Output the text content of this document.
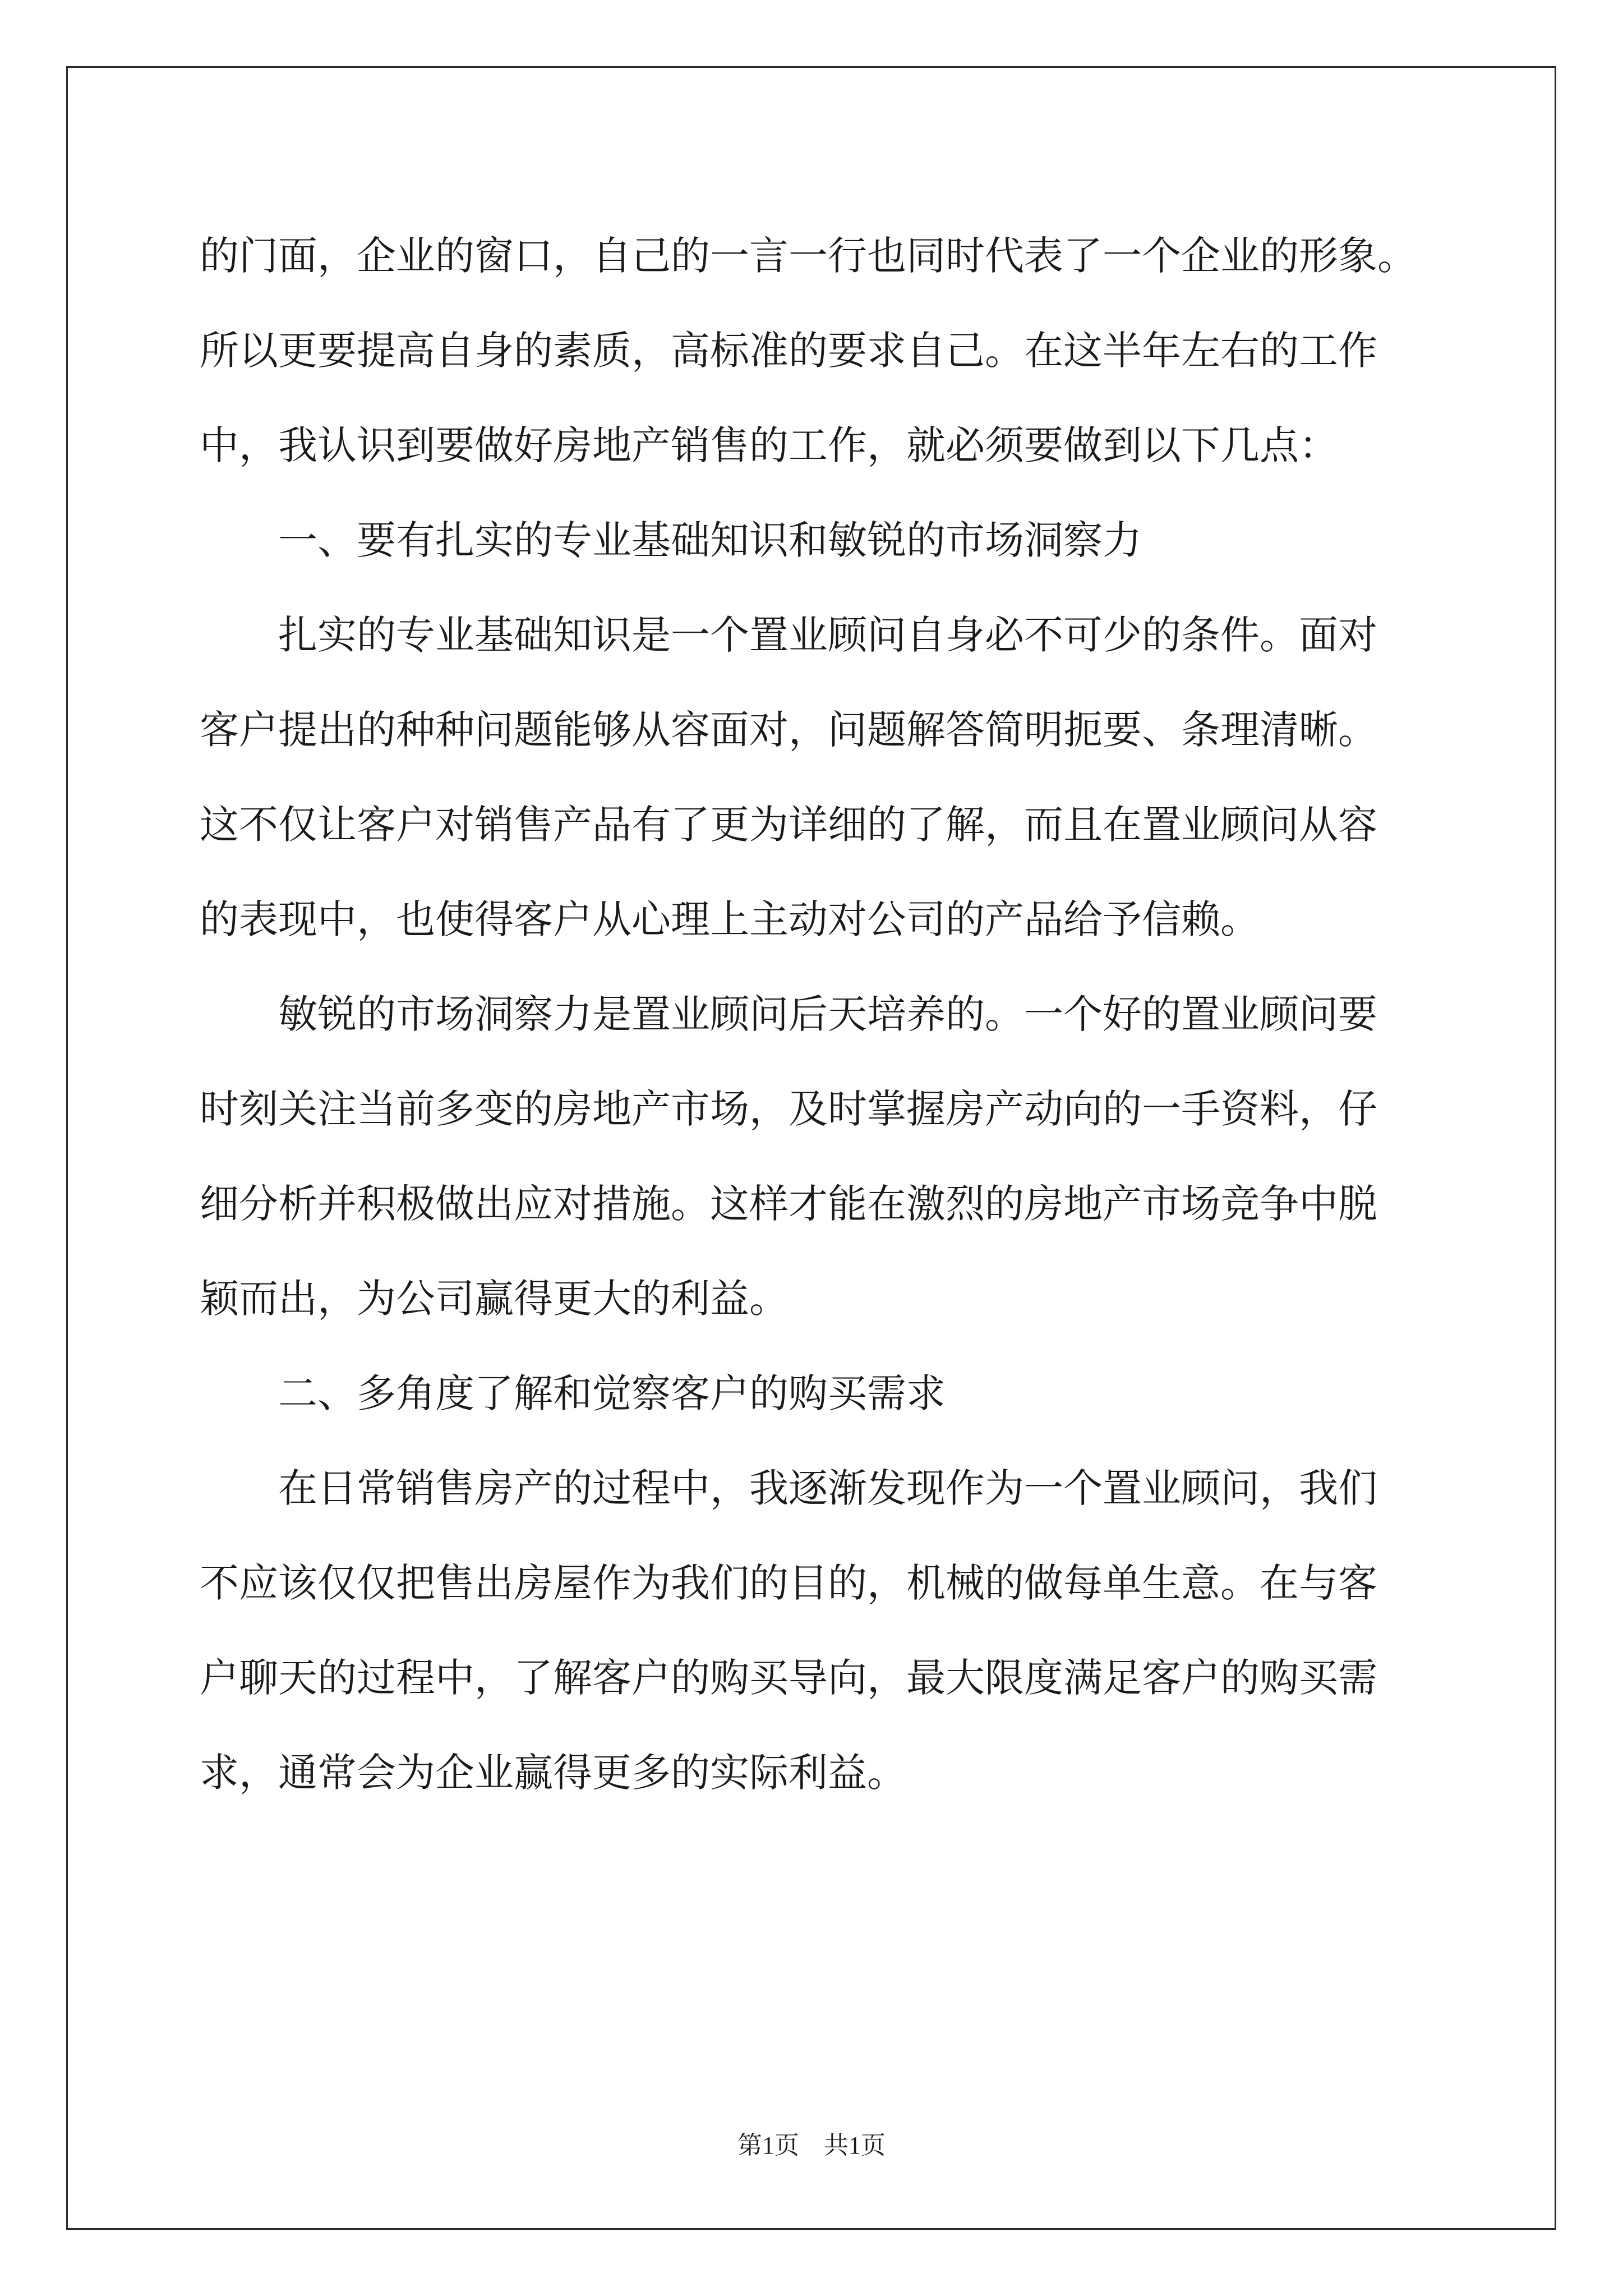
的门面，企业的窗口，自己的一言一行也同时代表了一个企业的形象。
所以更要提高自身的素质，高标准的要求自己。在这半年左右的工作
中，我认识到要做好房地产销售的工作，就必须要做到以下几点：
一、要有扎实的专业基础知识和敏锐的市场洞察力
扎实的专业基础知识是一个置业顾问自身必不可少的条件。面对
客户提出的种种问题能够从容面对，问题解答简明扼要、条理清晰。
这不仅让客户对销售产品有了更为详细的了解，而且在置业顾问从容
的表现中，也使得客户从心理上主动对公司的产品给予信赖。
敏锐的市场洞察力是置业顾问后天培养的。一个好的置业顾问要
时刻关注当前多变的房地产市场，及时掌握房产动向的一手资料，仔
细分析并积极做出应对措施。这样才能在激烈的房地产市场竞争中脱
颖而出，为公司赢得更大的利益。
二、多角度了解和觉察客户的购买需求
在日常销售房产的过程中，我逐渐发现作为一个置业顾问，我们
不应该仅仅把售出房屋作为我们的目的，机械的做每单生意。在与客
户聊天的过程中，了解客户的购买导向，最大限度满足客户的购买需
求，通常会为企业赢得更多的实际利益。
第1页　共1页
